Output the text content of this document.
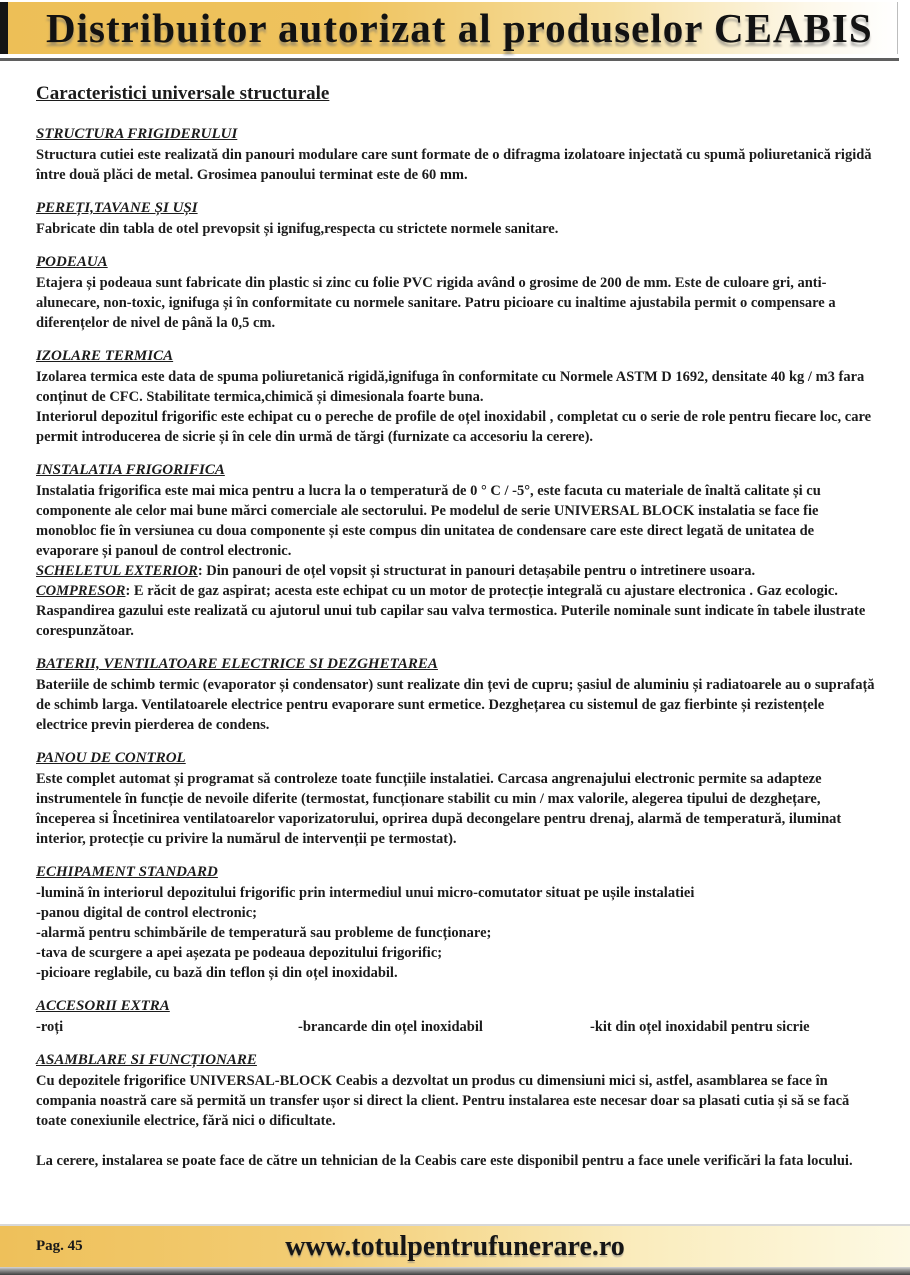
Distribuitor autorizat al produselor CEABIS
Caracteristici universale structurale
STRUCTURA FRIGIDERULUI

Structura cutiei este realizată din panouri modulare care sunt formate de o difragma izolatoare injectată cu spumă poliuretanică rigidă între două plăci de metal. Grosimea panoului terminat este de 60 mm.

PEREȚI,TAVANE ȘI UȘI

Fabricate din tabla de otel prevopsit și ignifug,respecta cu strictete normele sanitare.

PODEAUA

Etajera și podeaua sunt fabricate din plastic si zinc cu folie PVC rigida având o grosime de 200 de mm. Este de culoare gri, anti-alunecare, non-toxic, ignifuga și în conformitate cu normele sanitare. Patru picioare cu inaltime ajustabila permit o compensare a diferențelor de nivel de până la 0,5 cm.

IZOLARE TERMICA

Izolarea termica este data de spuma poliuretanică rigidă,ignifuga în conformitate cu Normele ASTM D 1692, densitate 40 kg / m3 fara conținut de CFC. Stabilitate termica,chimică și dimesionala foarte buna.

Interiorul depozitul frigorific este echipat cu o pereche de profile de oțel inoxidabil , completat cu o serie de role pentru fiecare loc, care permit introducerea de sicrie și în cele din urmă de tărgi (furnizate ca accesoriu la cerere).

INSTALATIA FRIGORIFICA

Instalatia frigorifica este mai mica pentru a lucra la o temperatură de 0 ° C / -5°, este facuta cu materiale de înaltă calitate și cu componente ale celor mai bune mărci comerciale ale sectorului. Pe modelul de serie UNIVERSAL BLOCK instalatia se face fie monobloc fie în versiunea cu doua componente și este compus din unitatea de condensare care este direct legată de unitatea de evaporare și panoul de control electronic.

SCHELETUL EXTERIOR: Din panouri de oțel vopsit și structurat in panouri detașabile pentru o intretinere usoara.

COMPRESOR: E răcit de gaz aspirat; acesta este echipat cu un motor de protecție integrală cu ajustare electronica . Gaz ecologic.

Raspandirea gazului este realizată cu ajutorul unui tub capilar sau valva termostica. Puterile nominale sunt indicate în tabele ilustrate corespunzătoar.

BATERII, VENTILATOARE ELECTRICE SI DEZGHETAREA

Bateriile de schimb termic (evaporator și condensator) sunt realizate din țevi de cupru; șasiul de aluminiu și radiatoarele au o suprafață de schimb larga. Ventilatoarele electrice pentru evaporare sunt ermetice. Dezghețarea cu sistemul de gaz fierbinte și rezistențele electrice previn pierderea de condens.

PANOU DE CONTROL

Este complet automat și programat să controleze toate funcțiile instalatiei. Carcasa angrenajului electronic permite sa adapteze instrumentele în funcție de nevoile diferite (termostat, funcționare stabilit cu min / max valorile, alegerea tipului de dezghețare, începerea si Încetinirea ventilatoarelor vaporizatorului, oprirea după decongelare pentru drenaj, alarmă de temperatură, iluminat interior, protecție cu privire la numărul de intervenții pe termostat).

ECHIPAMENT STANDARD

-lumină în interiorul depozitului frigorific prin intermediul unui micro-comutator situat pe ușile instalatiei

-panou digital de control electronic;

-alarmă pentru schimbările de temperatură sau probleme de funcționare;

-tava de scurgere a apei așezata pe podeaua depozitului frigorific;

-picioare reglabile, cu bază din teflon și din oțel inoxidabil.

ACCESORII EXTRA
-roți	-brancarde din oțel inoxidabil	-kit din oțel inoxidabil pentru sicrie
ASAMBLARE SI FUNCȚIONARE

Cu depozitele frigorifice UNIVERSAL-BLOCK Ceabis a dezvoltat un produs cu dimensiuni mici si, astfel, asamblarea se face în compania noastră care să permită un transfer ușor si direct la client. Pentru instalarea este necesar doar sa plasati cutia și să se facă toate conexiunile electrice, fără nici o dificultate.

La cerere, instalarea se poate face de către un tehnician de la Ceabis care este disponibil pentru a face unele verificări la fata locului.

Pag. 45	www.totulpentrufunerare.ro
